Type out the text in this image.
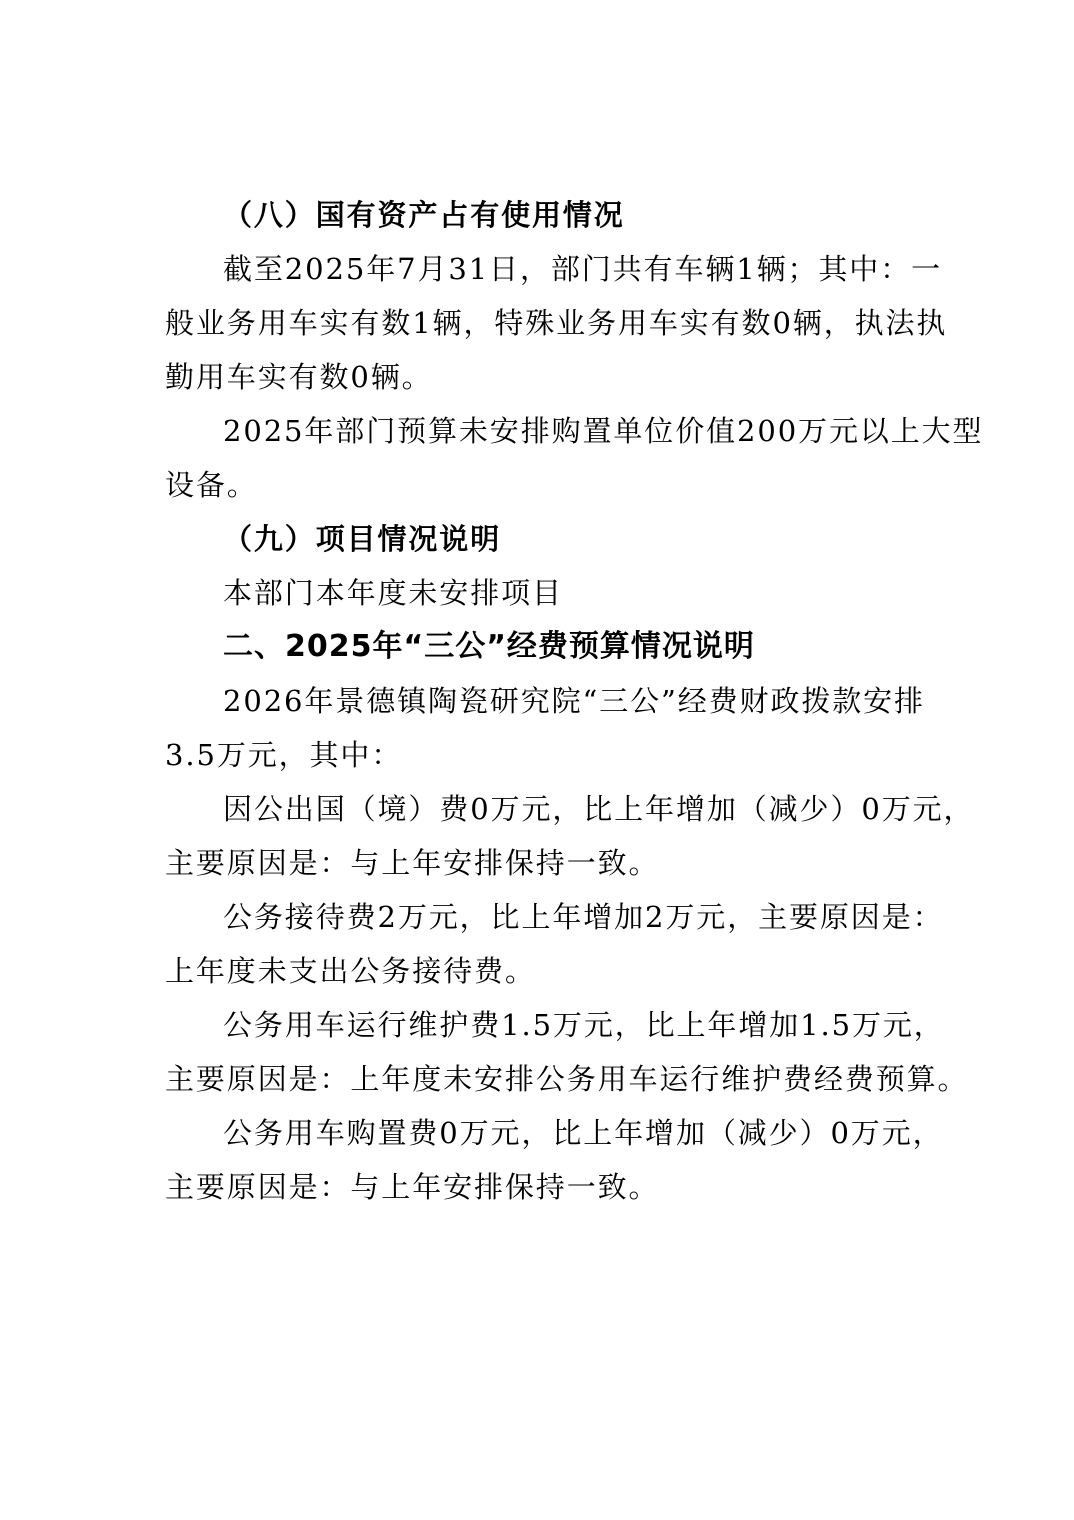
（八）国有资产占有使用情况
截至2025年7月31日，部门共有车辆1辆；其中：一
般业务用车实有数1辆，特殊业务用车实有数0辆，执法执
勤用车实有数0辆。
2025年部门预算未安排购置单位价值200万元以上大型
设备。
（九）项目情况说明
本部门本年度未安排项目
二、2025年“三公”经费预算情况说明
2026年景德镇陶瓷研究院“三公”经费财政拨款安排
3.5万元，其中：
因公出国（境）费0万元，比上年增加（减少）0万元，
主要原因是：与上年安排保持一致。
公务接待费2万元，比上年增加2万元，主要原因是：
上年度未支出公务接待费。
公务用车运行维护费1.5万元，比上年增加1.5万元，
主要原因是：上年度未安排公务用车运行维护费经费预算。
公务用车购置费0万元，比上年增加（减少）0万元，
主要原因是：与上年安排保持一致。
